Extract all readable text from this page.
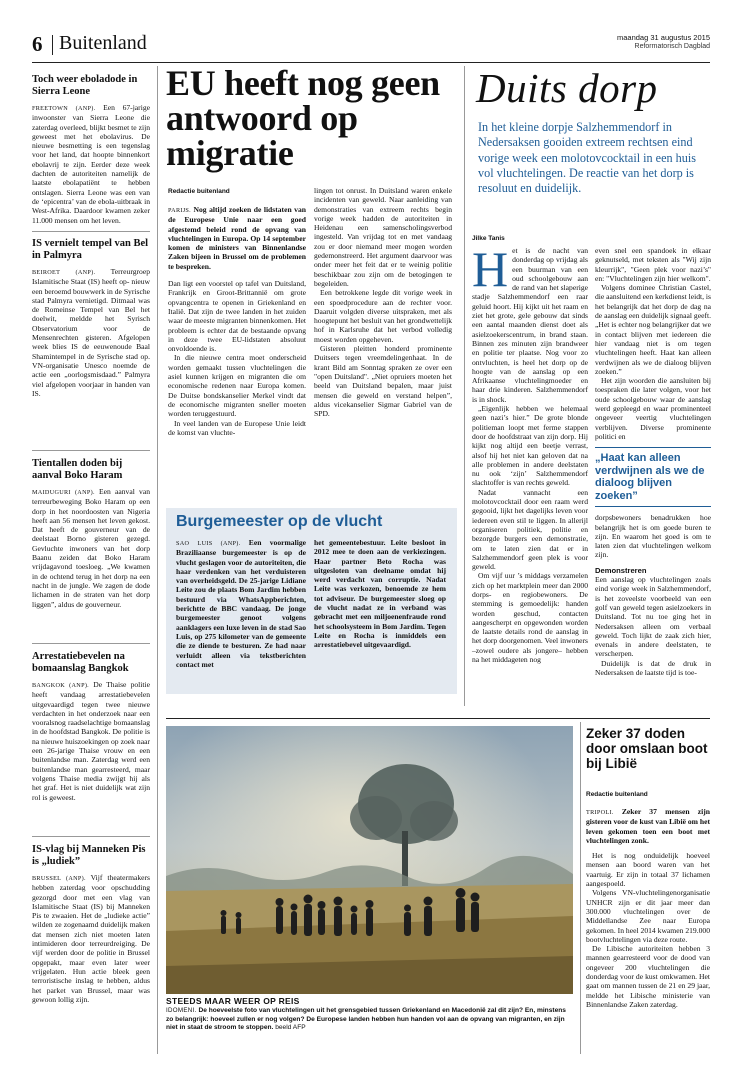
6 Buitenland	maandag 31 augustus 2015
Reformatorisch Dagblad
Toch weer eboladode in Sierra Leone
FREETOWN (ANP). Een 67-jarige inwoonster van Sierra Leone die zaterdag overleed, blijkt besmet te zijn geweest met het ebolavirus. De nieuwe besmetting is een tegenslag voor het land, dat hoopte binnenkort ebolavrij te zijn. Eerder deze week dachten de autoriteiten namelijk de laatste ebolapatiënt te hebben ontslagen. Sierra Leone was een van de ‘epicentra’ van de ebola-uitbraak in West-Afrika. Daardoor kwamen zeker 11.000 mensen om het leven.
IS vernielt tempel van Bel in Palmyra
BEIROET (ANP). Terreurgroep Islamitische Staat (IS) heeft op- nieuw een beroemd bouwwerk in de Syrische stad Palmyra vernietigd. Ditmaal was de Romeinse Tempel van Bel het doelwit, meldde het Syrisch Observatorium voor de Mensenrechten gisteren. Afgelopen week blies IS de eeuwenoude Baal Shamintempel in de Syrische stad op. VN-organisatie Unesco noemde de actie een „oorlogsmisdaad.” Palmyra viel afgelopen voorjaar in handen van IS.
Tientallen doden bij aanval Boko Haram
MAIDUGURI (ANP). Een aanval van terreurbeweging Boko Haram op een dorp in het noordoosten van Nigeria heeft aan 56 mensen het leven gekost. Dat heeft de gouverneur van de deelstaat Borno gisteren gezegd. Gevluchte inwoners van het dorp Baanu zeiden dat Boko Haram vrijdagavond toesloeg. „We kwamen in de ochtend terug in het dorp na een nacht in de jungle. We zagen de dode lichamen in de straten van het dorp liggen”, aldus de gouverneur.
Arrestatiebevelen na bomaanslag Bangkok
BANGKOK (ANP). De Thaise politie heeft vandaag arrestatiebevelen uitgevaardigd tegen twee nieuwe verdachten in het onderzoek naar een vooralsnog raadselachtige bomaanslag in de hoofdstad Bangkok. De politie is na nieuwe huiszoekingen op zoek naar een 26-jarige Thaise vrouw en een buitenlandse man. Zaterdag werd een buitenlandse man gearresteerd, maar volgens Thaise media zwijgt hij als het graf. Het is niet duidelijk wat zijn rol is geweest.
IS-vlag bij Manneken Pis is „ludiek”
BRUSSEL (ANP). Vijf theatermakers hebben zaterdag voor opschudding gezorgd door met een vlag van Islamitische Staat (IS) bij Manneken Pis te zwaaien. Het de „ludieke actie” wilden ze zogenaamd duidelijk maken dat mensen zich niet moeten laten intimideren door terreurdreiging. De vijf werden door de politie in Brussel opgepakt, maar even later weer vrijgelaten. Hun actie bleek geen terroristische inslag te hebben, aldus het parket van Brussel, maar was gewoon lollig zijn.
EU heeft nog geen antwoord op migratie
Redactie buitenland

PARIJS. Nog altijd zoeken de lidstaten van de Europese Unie naar een goed afgestemd beleid rond de opvang van vluchtelingen in Europa. Op 14 september komen de ministers van Binnenlandse Zaken bijeen in Brussel om de problemen te bespreken.

Dan ligt een voorstel op tafel van Duitsland, Frankrijk en Groot-Brittannië om grote opvangcentra te openen in Griekenland en Italië. Dat zijn de twee landen in het zuiden waar de meeste migranten binnenkomen. Het probleem is echter dat de bestaande opvang in deze twee EU-lidstaten absoluut onvoldoende is.

In die nieuwe centra moet onderscheid worden gemaakt tussen vluchtelingen die asiel kunnen krijgen en migranten die om economische redenen naar Europa komen. De Duitse bondskanselier Merkel vindt dat de economische migranten sneller moeten worden teruggestuurd.

In veel landen van de Europese Unie leidt de komst van vluchte-

lingen tot onrust. In Duitsland waren enkele incidenten van geweld. Naar aanleiding van demonstraties van extreem rechts begin vorige week hadden de autoriteiten in Heidenau een samenscholingsverbod ingesteld. Van vrijdag tot en met vandaag zou er door niemand meer mogen worden gedemonstreerd. Het argument daarvoor was onder meer het feit dat er te weinig politie beschikbaar zou zijn om de betogingen te begeleiden.

Een betrokkene legde dit vorige week in een spoedprocedure aan de rechter voor. Daaruit volgden diverse uitspraken, met als hoogtepunt het besluit van het grondwettelijk hof in Karlsruhe dat het verbod volledig moest worden opgeheven.

Gisteren pleitten honderd prominente Duitsers tegen vreemdelingenhaat. In de krant Bild am Sonntag spraken ze over een "open Duitsland". „Niet opruiers moeten het beeld van Duitsland bepalen, maar juist mensen die geweld en verstand helpen”, aldus vicekanselier Sigmar Gabriel van de SPD.

Burgemeester op de vlucht
SAO LUIS (ANP). Een voormalige Braziliaanse burgemeester is op de vlucht geslagen voor de autoriteiten, die haar verdenken van het verduisteren van overheidsgeld. De 25-jarige Lidiane Leite zou de plaats Bom Jardim hebben bestuurd via WhatsAppberichten, berichtte de BBC vandaag. De jonge burgemeester genoot volgens aanklagers een luxe leven in de stad Sao Luis, op 275 kilometer van de gemeente die ze diende te besturen. Ze had naar verluidt alleen via tekstberichten contact met
het gemeentebestuur. Leite besloot in 2012 mee te doen aan de verkiezingen. Haar partner Beto Rocha was uitgesloten van deelname omdat hij werd verdacht van corruptie. Nadat Leite was verkozen, benoemde ze hem tot adviseur. De burgemeester sloeg op de vlucht nadat ze in verband was gebracht met een miljoenenfraude rond het schoolsysteem in Bom Jardim. Tegen Leite en Rocha is inmiddels een arrestatiebevel uitgevaardigd.
Duits dorp
In het kleine dorpje Salzhemmendorf in Nedersaksen gooiden extreem rechtsen eind vorige week een molotovcocktail in een huis vol vluchtelingen. De reactie van het dorp is resoluut en duidelijk.
Jilke Tanis

H et is de nacht van donderdag op vrijdag als een buurman van een oud schoolgebouw aan de rand van het slaperige stadje Salzhemmendorf een raar geluid hoort. Hij kijkt uit het raam en ziet het grote, gele gebouw dat sinds een aantal maanden dienst doet als asielzoekerscentrum, in brand staan. Binnen zes minuten zijn brandweer en politie ter plaatse. Nog voor zo ontvluchten, is heel het dorp op de hoogte van de aanslag op een Afrikaanse vluchtelingmoeder en haar drie kinderen. Salzhemmendorf is in shock.

„Eigenlijk hebben we helemaal geen nazi’s hier.” De grote blonde politieman loopt met ferme stappen door de hoofdstraat van zijn dorp. Hij kijkt nog altijd een beetje verrast, alsof hij het niet kan geloven dat na alle problemen in andere deelstaten nu ook ‘zijn’ Salzhemmendorf slachtoffer is van rechts geweld.

Nadat vannacht een molotovcocktail door een raam werd gegooid, lijkt het dagelijks leven voor iedereen even stil te liggen. In allerijl organiseren politiek, politie en bezorgde burgers een demonstratie, om te laten zien dat er in Salzhemmendorf geen plek is voor geweld.

Om vijf uur ’s middags verzamelen zich op het marktplein meer dan 2000 dorps- en regiobewoners. De stemming is gemoedelijk: handen worden geschud, contacten aangescherpt en opgewonden worden de laatste details rond de aanslag in het dorp doorgenomen. Veel inwoners –zowel oudere als jongere– hebben na het middageten nog

even snel een spandoek in elkaar geknutseld, met teksten als "Wij zijn kleurrijk", "Geen plek voor nazi’s" en: "Vluchtelingen zijn hier welkom".

Volgens dominee Christian Castel, die aansluitend een kerkdienst leidt, is het belangrijk dat het dorp de dag na de aanslag een duidelijk signaal geeft. „Het is echter nog belangrijker dat we in contact blijven met iedereen die hier vandaag niet is om tegen vluchtelingen heeft. Haat kan alleen verdwijnen als we de dialoog blijven zoeken.”

Het zijn woorden die aansluiten bij toespraken die later volgen, voor het oude schoolgebouw waar de aanslag werd gepleegd en waar prominenteel ongeveer veertig vluchtelingen verblijven. Diverse prominente politici en

„Haat kan alleen verdwijnen als we de dialoog blijven zoeken”

dorpsbewoners benadrukken hoe belangrijk het is om goede buren te zijn. En waarom het goed is om te laten zien dat vluchtelingen welkom zijn.

Demonstreren

Een aanslag op vluchtelingen zoals eind vorige week in Salzhemmendorf, is het zoveelste voorbeeld van een golf van geweld tegen asielzoekers in Duitsland. Tot nu toe ging het in Nedersaksen alleen om verbaal geweld. Toch lijkt de zaak zich hier, evenals in andere deelstaten, te verscherpen.

Duidelijk is dat de druk in Nedersaksen de laatste tijd is toe-

STEEDS MAAR WEER OP REIS
IDOMENI. De hoeveelste foto van vluchtelingen uit het grensgebied tussen Griekenland en Macedonië zal dit zijn? En, minstens zo belangrijk: hoeveel zullen er nog volgen? De Europese landen hebben hun handen vol aan de opvang van migranten, en zijn niet in staat de stroom te stoppen. beeld AFP
Zeker 37 doden door omslaan boot bij Libië
Redactie buitenland

TRIPOLI. Zeker 37 mensen zijn gisteren voor de kust van Libië om het leven gekomen toen een boot met vluchtelingen zonk.

Het is nog onduidelijk hoeveel mensen aan boord waren van het vaartuig. Er zijn in totaal 37 lichamen aangespoeld.

Volgens VN-vluchtelingenorganisatie UNHCR zijn er dit jaar meer dan 300.000 vluchtelingen over de Middellandse Zee naar Europa gekomen. In heel 2014 kwamen 219.000 bootvluchtelingen via deze route.

De Libische autoriteiten hebben 3 mannen gearresteerd voor de dood van ongeveer 200 vluchtelingen die donderdag voor de kust omkwamen. Het gaat om mannen tussen de 21 en 29 jaar, meldde het Libische ministerie van Binnenlandse Zaken zaterdag.
